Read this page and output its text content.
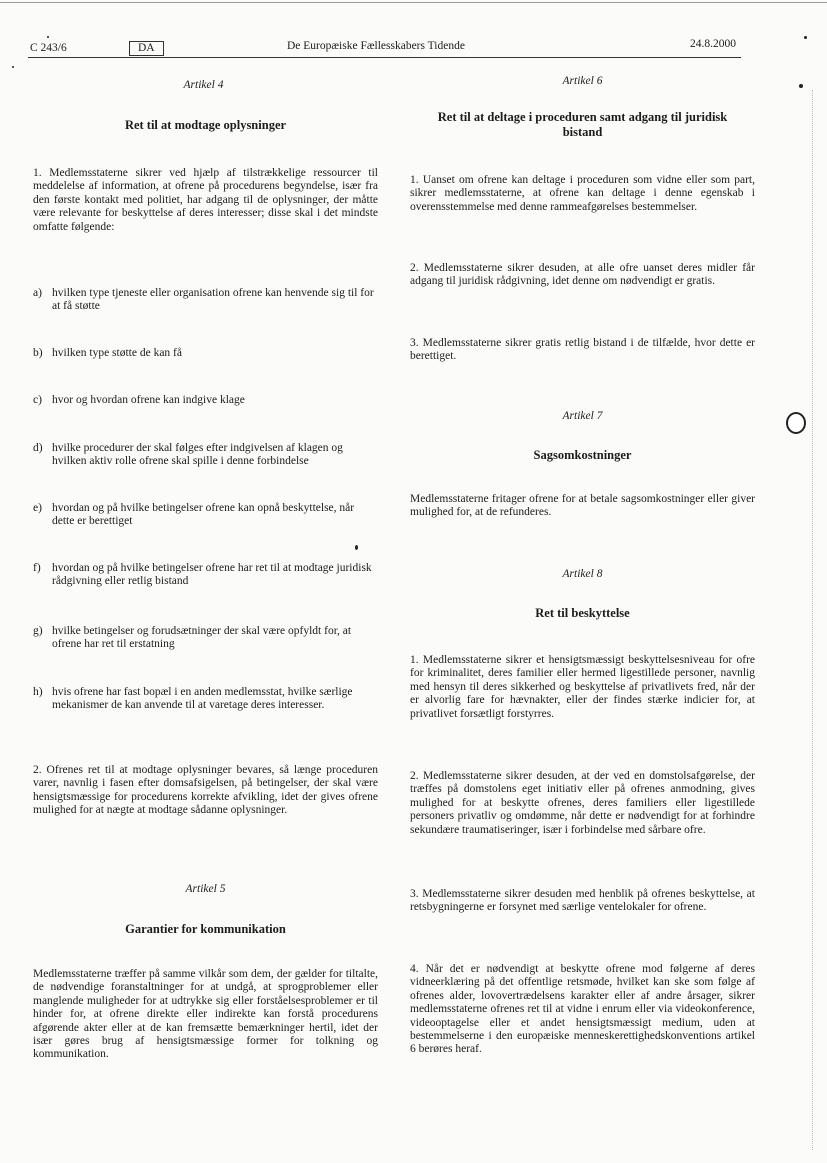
C 243/6	DA	De Europæiske Fællesskabers Tidende	24.8.2000
Artikel 4
Ret til at modtage oplysninger
1. Medlemsstaterne sikrer ved hjælp af tilstrækkelige ressourcer til meddelelse af information, at ofrene på procedurens begyndelse, især fra den første kontakt med politiet, har adgang til de oplysninger, der måtte være relevante for beskyttelse af deres interesser; disse skal i det mindste omfatte følgende:
a) hvilken type tjeneste eller organisation ofrene kan henvende sig til for at få støtte
b) hvilken type støtte de kan få
c) hvor og hvordan ofrene kan indgive klage
d) hvilke procedurer der skal følges efter indgivelsen af klagen og hvilken aktiv rolle ofrene skal spille i denne forbindelse
e) hvordan og på hvilke betingelser ofrene kan opnå beskyttelse, når dette er berettiget
f) hvordan og på hvilke betingelser ofrene har ret til at modtage juridisk rådgivning eller retlig bistand
g) hvilke betingelser og forudsætninger der skal være opfyldt for, at ofrene har ret til erstatning
h) hvis ofrene har fast bopæl i en anden medlemsstat, hvilke særlige mekanismer de kan anvende til at varetage deres interesser.
2. Ofrenes ret til at modtage oplysninger bevares, så længe proceduren varer, navnlig i fasen efter domsafsigelsen, på betingelser, der skal være hensigtsmæssige for procedurens korrekte afvikling, idet der gives ofrene mulighed for at nægte at modtage sådanne oplysninger.
Artikel 5
Garantier for kommunikation
Medlemsstaterne træffer på samme vilkår som dem, der gælder for tiltalte, de nødvendige foranstaltninger for at undgå, at sprogproblemer eller manglende muligheder for at udtrykke sig eller forståelsesproblemer er til hinder for, at ofrene direkte eller indirekte kan forstå procedurens afgørende akter eller at de kan fremsætte bemærkninger hertil, idet der især gøres brug af hensigtsmæssige former for tolkning og kommunikation.
Artikel 6
Ret til at deltage i proceduren samt adgang til juridisk bistand
1. Uanset om ofrene kan deltage i proceduren som vidne eller som part, sikrer medlemsstaterne, at ofrene kan deltage i denne egenskab i overensstemmelse med denne rammeafgørelses bestemmelser.
2. Medlemsstaterne sikrer desuden, at alle ofre uanset deres midler får adgang til juridisk rådgivning, idet denne om nødvendigt er gratis.
3. Medlemsstaterne sikrer gratis retlig bistand i de tilfælde, hvor dette er berettiget.
Artikel 7
Sagsomkostninger
Medlemsstaterne fritager ofrene for at betale sagsomkostninger eller giver mulighed for, at de refunderes.
Artikel 8
Ret til beskyttelse
1. Medlemsstaterne sikrer et hensigtsmæssigt beskyttelsesniveau for ofre for kriminalitet, deres familier eller hermed ligestillede personer, navnlig med hensyn til deres sikkerhed og beskyttelse af privatlivets fred, når der er alvorlig fare for hævnakter, eller der findes stærke indicier for, at privatlivet forsætligt forstyrres.
2. Medlemsstaterne sikrer desuden, at der ved en domstolsafgørelse, der træffes på domstolens eget initiativ eller på ofrenes anmodning, gives mulighed for at beskytte ofrenes, deres familiers eller ligestillede personers privatliv og omdømme, når dette er nødvendigt for at forhindre sekundære traumatiseringer, især i forbindelse med sårbare ofre.
3. Medlemsstaterne sikrer desuden med henblik på ofrenes beskyttelse, at retsbygningerne er forsynet med særlige ventelokaler for ofrene.
4. Når det er nødvendigt at beskytte ofrene mod følgerne af deres vidneerklæring på det offentlige retsmøde, hvilket kan ske som følge af ofrenes alder, lovovertrædelsens karakter eller af andre årsager, sikrer medlemsstaterne ofrenes ret til at vidne i enrum eller via videokonference, videooptagelse eller et andet hensigtsmæssigt medium, uden at bestemmelserne i den europæiske menneskerettighedskonventions artikel 6 berøres heraf.
